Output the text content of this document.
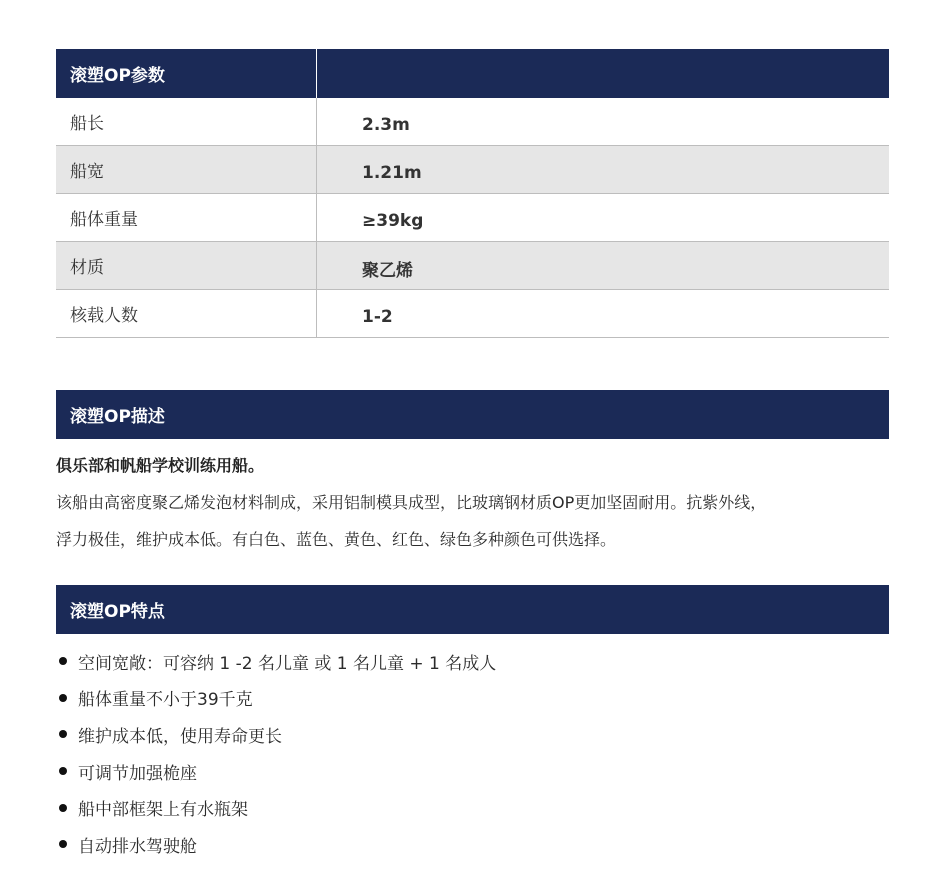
滚塑OP参数
船长	2.3m
船宽	1.21m
船体重量	≥39kg
材质	聚乙烯
核载人数	1-2
滚塑OP描述
俱乐部和帆船学校训练用船。
该船由高密度聚乙烯发泡材料制成，采用铝制模具成型，比玻璃钢材质OP更加坚固耐用。抗紫外线，
浮力极佳，维护成本低。有白色、蓝色、黄色、红色、绿色多种颜色可供选择。
滚塑OP特点
空间宽敞：可容纳 1 -2 名儿童 或 1 名儿童 + 1 名成人
船体重量不小于39千克
维护成本低，使用寿命更长
可调节加强桅座
船中部框架上有水瓶架
自动排水驾驶舱
